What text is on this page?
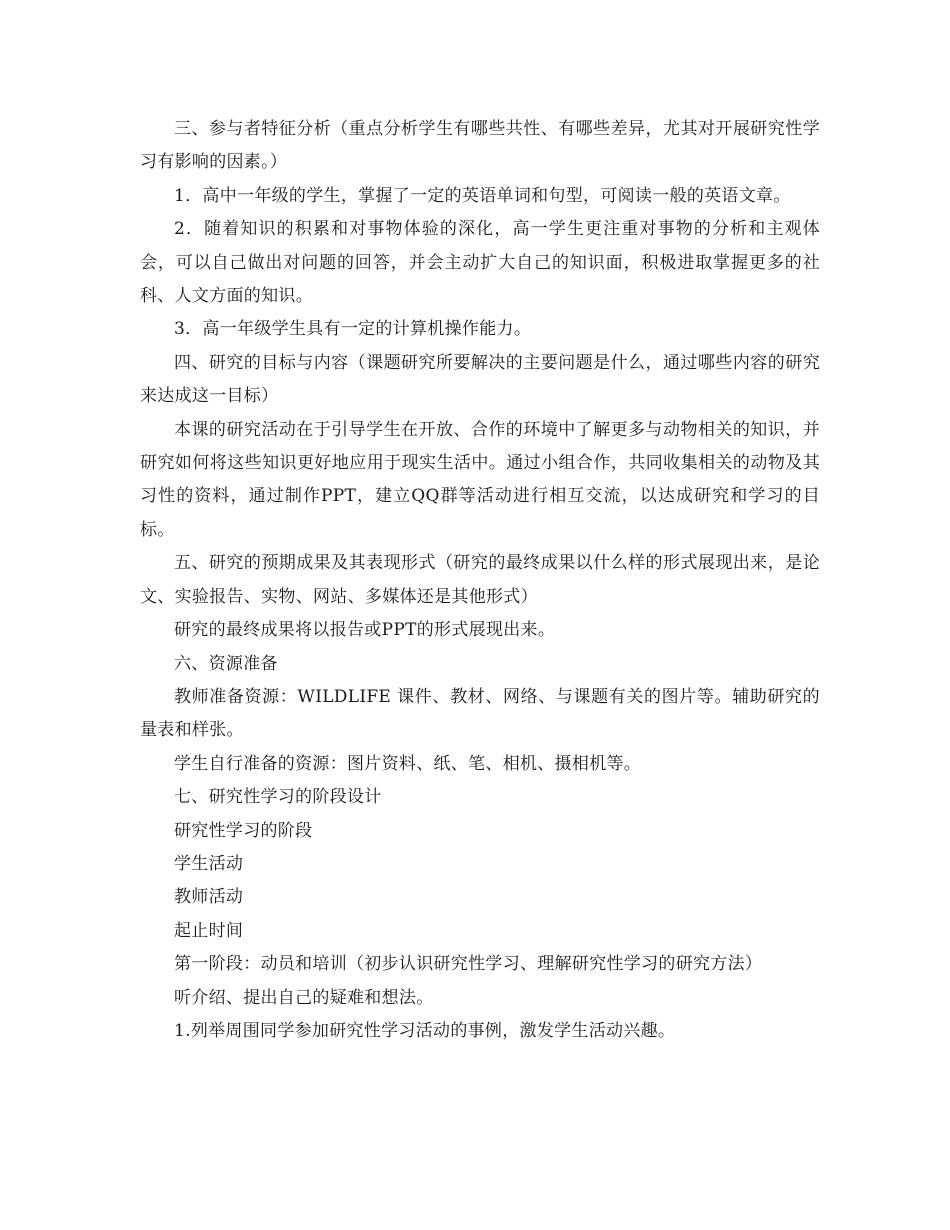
三、参与者特征分析（重点分析学生有哪些共性、有哪些差异，尤其对开展研究性学习有影响的因素。）

1．高中一年级的学生，掌握了一定的英语单词和句型，可阅读一般的英语文章。

2．随着知识的积累和对事物体验的深化，高一学生更注重对事物的分析和主观体会，可以自己做出对问题的回答，并会主动扩大自己的知识面，积极进取掌握更多的社科、人文方面的知识。

3．高一年级学生具有一定的计算机操作能力。

四、研究的目标与内容（课题研究所要解决的主要问题是什么，通过哪些内容的研究来达成这一目标）

本课的研究活动在于引导学生在开放、合作的环境中了解更多与动物相关的知识，并研究如何将这些知识更好地应用于现实生活中。通过小组合作，共同收集相关的动物及其习性的资料，通过制作PPT，建立QQ群等活动进行相互交流，以达成研究和学习的目标。

五、研究的预期成果及其表现形式（研究的最终成果以什么样的形式展现出来，是论文、实验报告、实物、网站、多媒体还是其他形式）

研究的最终成果将以报告或PPT的形式展现出来。

六、资源准备

教师准备资源：WILDLIFE 课件、教材、网络、与课题有关的图片等。辅助研究的量表和样张。

学生自行准备的资源：图片资料、纸、笔、相机、摄相机等。

七、研究性学习的阶段设计

研究性学习的阶段

学生活动

教师活动

起止时间

第一阶段：动员和培训（初步认识研究性学习、理解研究性学习的研究方法）

听介绍、提出自己的疑难和想法。

1.列举周围同学参加研究性学习活动的事例，激发学生活动兴趣。
